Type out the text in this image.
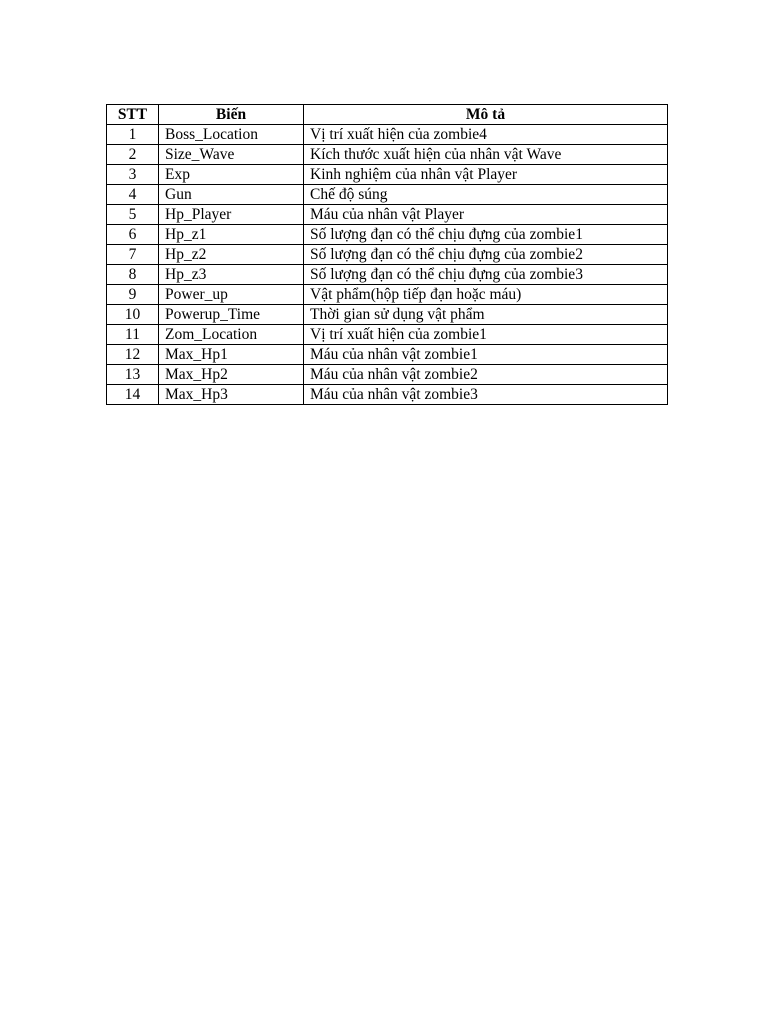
STT	Biến	Mô tả
1	Boss_Location	Vị trí xuất hiện của zombie4
2	Size_Wave	Kích thước xuất hiện của nhân vật Wave
3	Exp	Kinh nghiệm của nhân vật Player
4	Gun	Chế độ súng
5	Hp_Player	Máu của nhân vật Player
6	Hp_z1	Số lượng đạn có thể chịu đựng của zombie1
7	Hp_z2	Số lượng đạn có thể chịu đựng của zombie2
8	Hp_z3	Số lượng đạn có thể chịu đựng của zombie3
9	Power_up	Vật phẩm(hộp tiếp đạn hoặc máu)
10	Powerup_Time	Thời gian sử dụng vật phẩm
11	Zom_Location	Vị trí xuất hiện của zombie1
12	Max_Hp1	Máu của nhân vật zombie1
13	Max_Hp2	Máu của nhân vật zombie2
14	Max_Hp3	Máu của nhân vật zombie3
